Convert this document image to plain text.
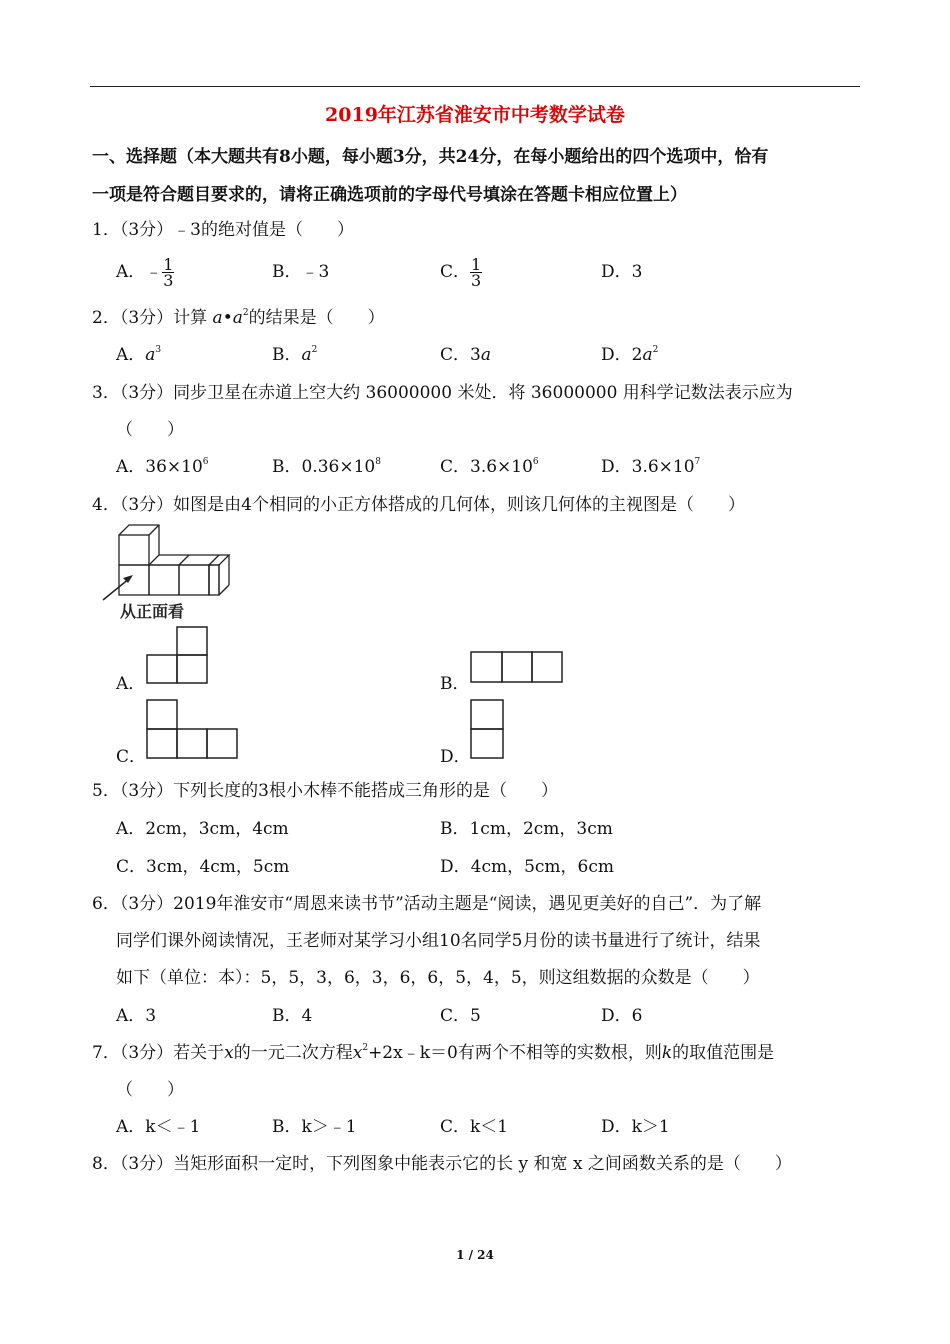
2019年江苏省淮安市中考数学试卷
一、选择题（本大题共有8小题，每小题3分，共24分，在每小题给出的四个选项中，恰有
一项是符合题目要求的，请将正确选项前的字母代号填涂在答题卡相应位置上）
1．（3分）﹣3的绝对值是（　　）
A．﹣ $\frac{1}{3}$	B．﹣3	C． $\frac{1}{3}$	D．3
2．（3分）计算 $a•a^2$的结果是（　　）
A．$a^3$	B．$a^2$	C．3a	D．$2a^2$
3．（3分）同步卫星在赤道上空大约 36000000 米处．将 36000000 用科学记数法表示应为
（　　）
A．$36\times 10^6$	B．$0.36\times 10^8$	C．$3.6\times 10^6$	D．$3.6\times 10^7$
4．（3分）如图是由4个相同的小正方体搭成的几何体，则该几何体的主视图是（　　）
从正面看
A．	B．
C．	D．
5．（3分）下列长度的3根小木棒不能搭成三角形的是（　　）
A．2cm，3cm，4cm	B．1cm，2cm，3cm
C．3cm，4cm，5cm	D．4cm，5cm，6cm
6．（3分）2019年淮安市“周恩来读书节”活动主题是“阅读，遇见更美好的自己”．为了解
同学们课外阅读情况，王老师对某学习小组10名同学5月份的读书量进行了统计，结果
如下（单位：本）：5，5，3，6，3，6，6，5，4，5，则这组数据的众数是（　　）
A．3	B．4	C．5	D．6
7．（3分）若关于x的一元二次方程$x^2+2x﹣k=0$有两个不相等的实数根，则k的取值范围是
（　　）
A．k＜﹣1	B．k＞﹣1	C．k＜1	D．k＞1
8．（3分）当矩形面积一定时，下列图象中能表示它的长 y 和宽 x 之间函数关系的是（　　）
1 / 24
